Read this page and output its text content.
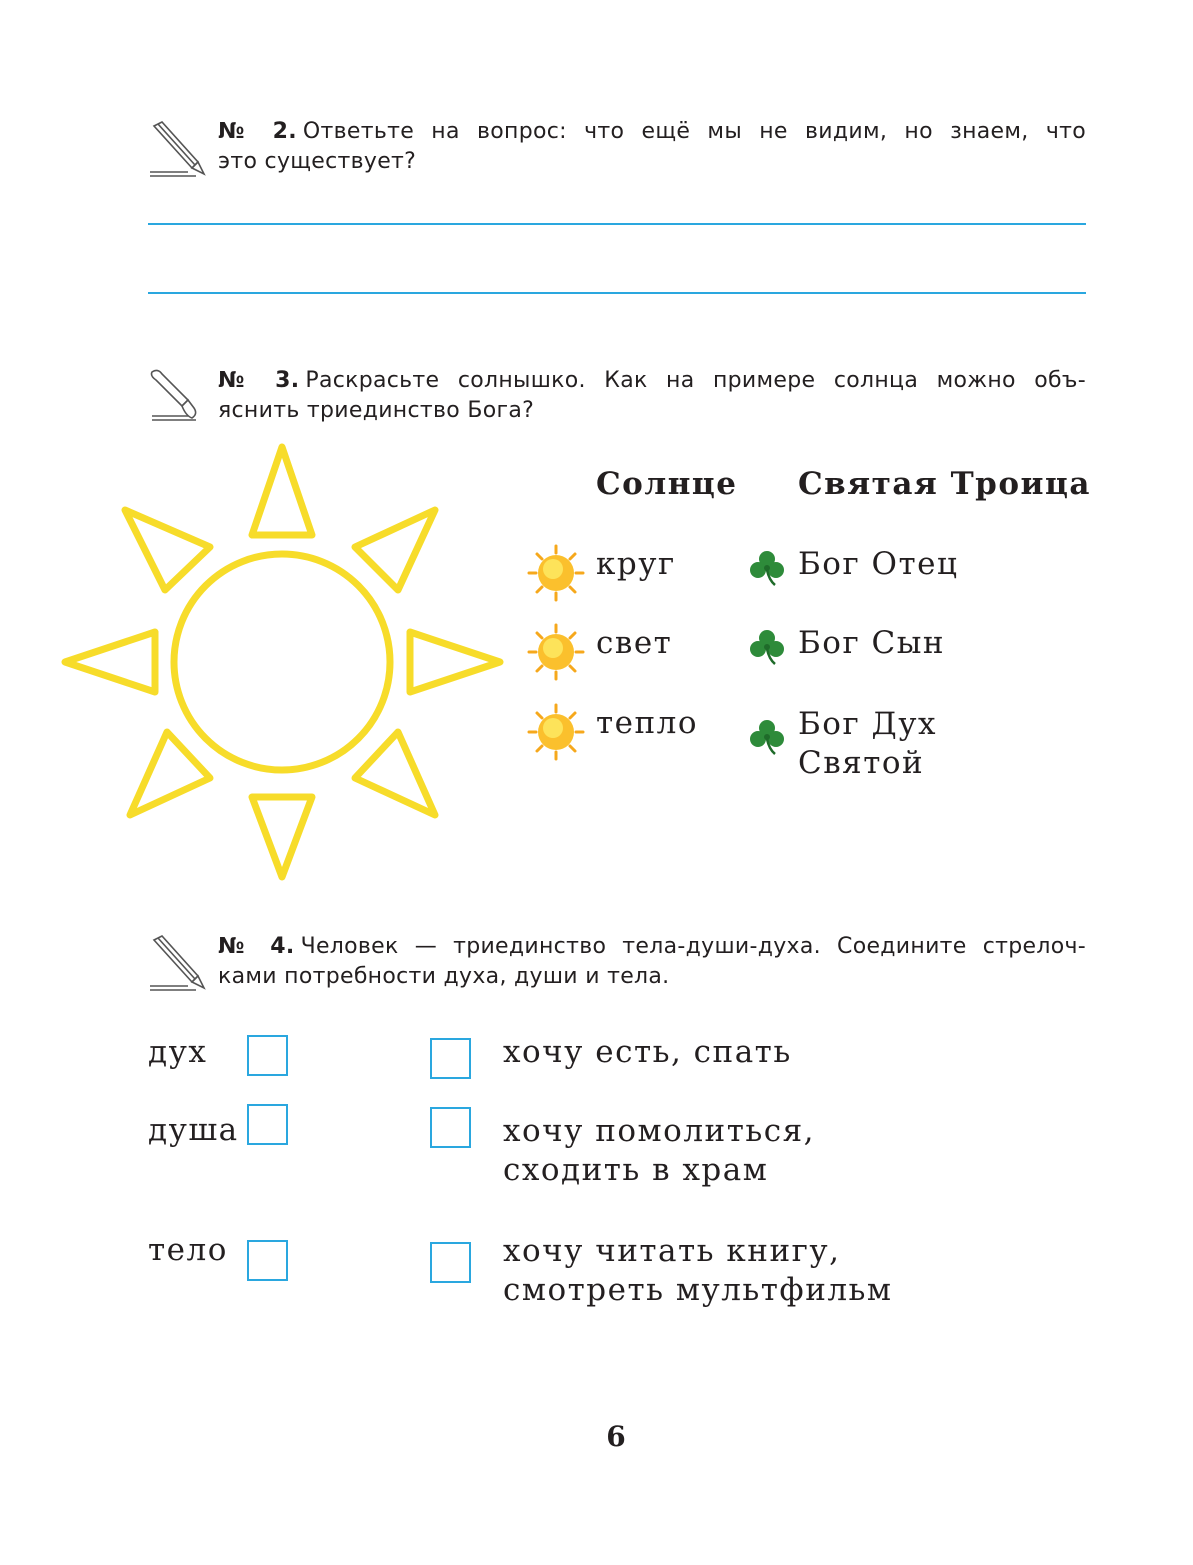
№ 2. Ответьте на вопрос: что ещё мы не видим, но знаем, что
это существует?
№ 3. Раскрасьте солнышко. Как на примере солнца можно объ-
яснить триединство Бога?
Солнце Святая Троица
круг
свет
тепло
Бог Отец
Бог Сын
Бог Дух
Святой
№ 4. Человек — триединство тела-души-духа. Соедините стрелоч-
ками потребности духа, души и тела.
дух
душа
тело
хочу есть, спать
хочу помолиться,
сходить в храм
хочу читать книгу,
смотреть мультфильм
6
